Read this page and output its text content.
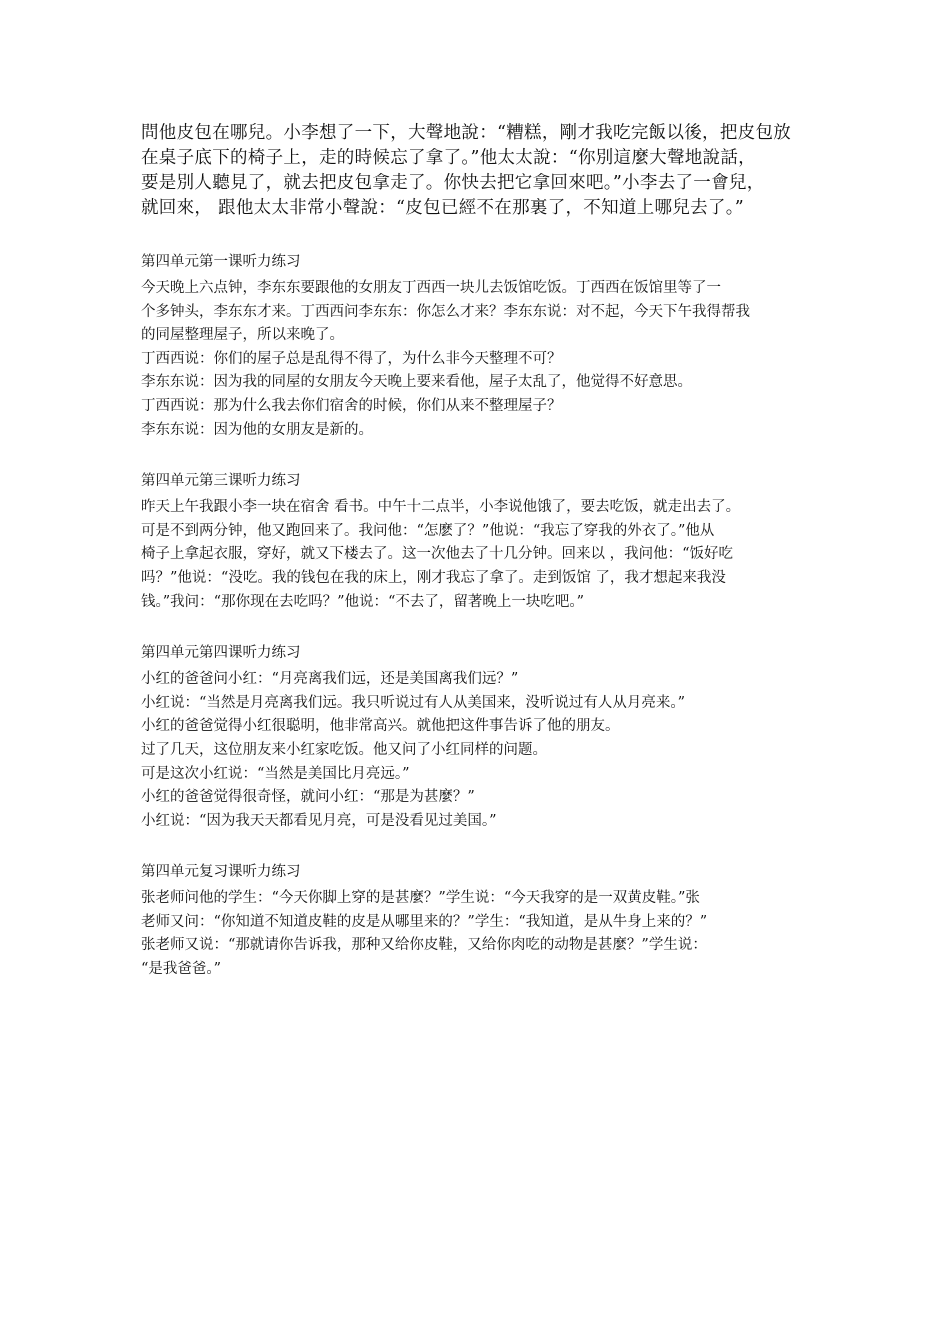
問他皮包在哪兒。小李想了一下，大聲地說：“糟糕，剛才我吃完飯以後，把皮包放

在桌子底下的椅子上，走的時候忘了拿了。”他太太說：“你別這麼大聲地說話，

要是別人聽見了，就去把皮包拿走了。你快去把它拿回來吧。”小李去了一會兒，

就回來， 跟他太太非常小聲說：“皮包已經不在那裏了，不知道上哪兒去了。”

第四单元第一课听力练习

今天晚上六点钟，李东东要跟他的女朋友丁西西一块儿去饭馆吃饭。丁西西在饭馆里等了一

个多钟头，李东东才来。丁西西问李东东：你怎么才来？李东东说：对不起，今天下午我得帮我

的同屋整理屋子，所以来晚了。

丁西西说：你们的屋子总是乱得不得了，为什么非今天整理不可？

李东东说：因为我的同屋的女朋友今天晚上要来看他，屋子太乱了，他觉得不好意思。

丁西西说：那为什么我去你们宿舍的时候，你们从来不整理屋子？

李东东说：因为他的女朋友是新的。

第四单元第三课听力练习

昨天上午我跟小李一块在宿舍 看书。中午十二点半，小李说他饿了，要去吃饭，就走出去了。

可是不到两分钟，他又跑回来了。我问他：“怎麽了？”他说：“我忘了穿我的外衣了。”他从

椅子上拿起衣服，穿好，就又下楼去了。这一次他去了十几分钟。回来以 ，我问他：“饭好吃

吗？”他说：“没吃。我的钱包在我的床上，刚才我忘了拿了。走到饭馆 了，我才想起来我没

钱。”我问：“那你现在去吃吗？”他说：“不去了，留著晚上一块吃吧。”

第四单元第四课听力练习

小红的爸爸问小红：“月亮离我们远，还是美国离我们远？”

小红说：“当然是月亮离我们远。我只听说过有人从美国来，没听说过有人从月亮来。”

小红的爸爸觉得小红很聪明，他非常高兴。就他把这件事告诉了他的朋友。

过了几天，这位朋友来小红家吃饭。他又问了小红同样的问题。

可是这次小红说：“当然是美国比月亮远。”

小红的爸爸觉得很奇怪，就问小红：“那是为甚麼？”

小红说：“因为我天天都看见月亮，可是没看见过美国。”

第四单元复习课听力练习

张老师问他的学生：“今天你脚上穿的是甚麼？”学生说：“今天我穿的是一双黄皮鞋。”张

老师又问：“你知道不知道皮鞋的皮是从哪里来的？”学生：“我知道，是从牛身上来的？”

张老师又说：“那就请你告诉我，那种又给你皮鞋，又给你肉吃的动物是甚麼？”学生说：

“是我爸爸。”
